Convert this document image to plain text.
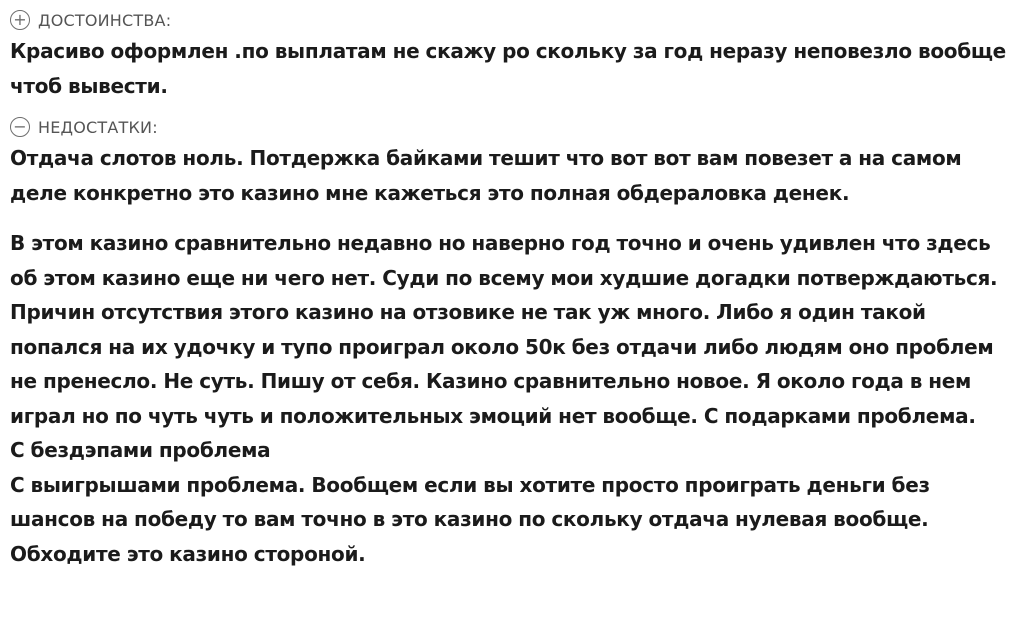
+ ДОСТОИНСТВА:

Красиво оформлен .по выплатам не скажу ро скольку за год неразу неповезло вообще чтоб вывести.

− НЕДОСТАТКИ:

Отдача слотов ноль. Потдержка байками тешит что вот вот вам повезет а на самом деле конкретно это казино мне кажеться это полная обдераловка денек.

В этом казино сравнительно недавно но наверно год точно и очень удивлен что здесь об этом казино еще ни чего нет. Суди по всему мои худшие догадки потверждаються. Причин отсутствия этого казино на отзовике не так уж много. Либо я один такой попался на их удочку и тупо проиграл около 50к без отдачи либо людям оно проблем не пренесло. Не суть. Пишу от себя. Казино сравнительно новое. Я около года в нем играл но по чуть чуть и положительных эмоций нет вообще. С подарками проблема.

С бездэпами проблема

С выигрышами проблема. Вообщем если вы хотите просто проиграть деньги без шансов на победу то вам точно в это казино по скольку отдача нулевая вообще. Обходите это казино стороной.
